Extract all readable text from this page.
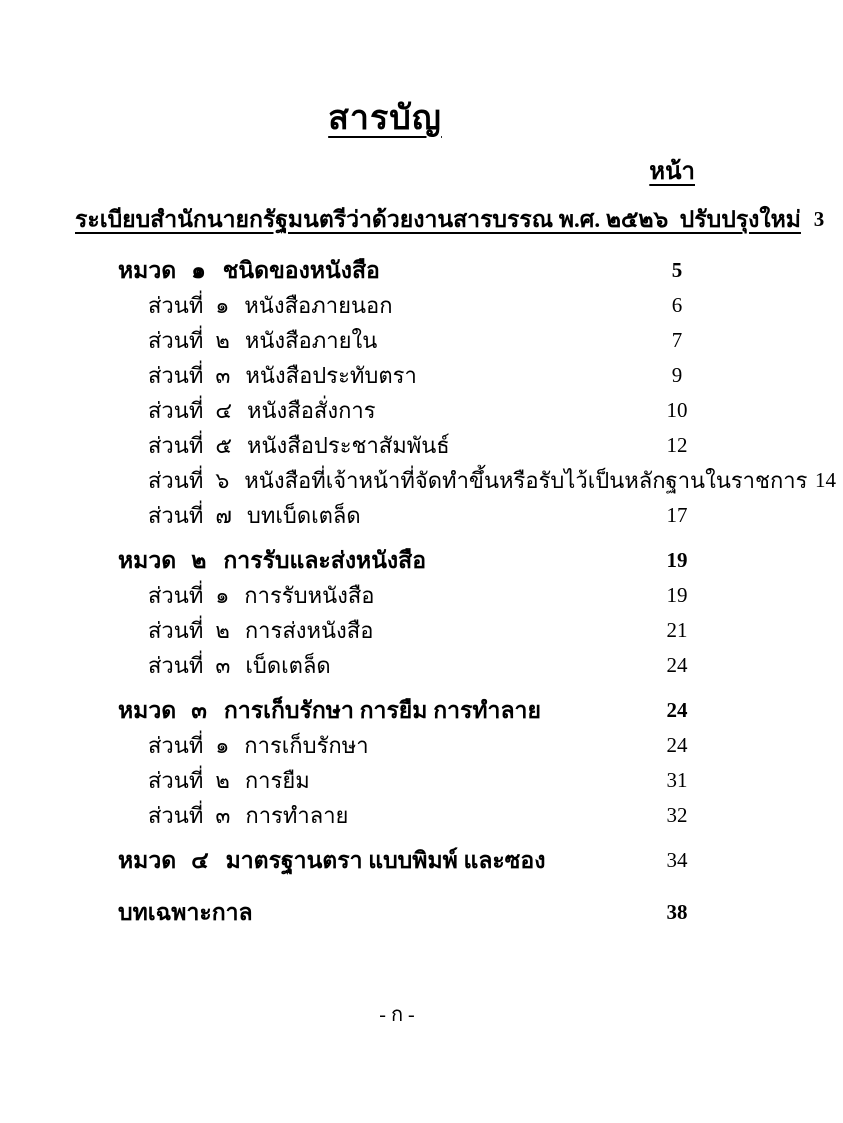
สารบัญ
หน้า
ระเบียบสำนักนายกรัฐมนตรีว่าด้วยงานสารบรรณ พ.ศ. ๒๕๒๖  ปรับปรุงใหม่ 3
หมวด ๑ ชนิดของหนังสือ	5
ส่วนที่ ๑ หนังสือภายนอก	6
ส่วนที่ ๒ หนังสือภายใน	7
ส่วนที่ ๓ หนังสือประทับตรา	9
ส่วนที่ ๔ หนังสือสั่งการ	10
ส่วนที่ ๕ หนังสือประชาสัมพันธ์	12
ส่วนที่ ๖ หนังสือที่เจ้าหน้าที่จัดทำขึ้นหรือรับไว้เป็นหลักฐานในราชการ 14
ส่วนที่ ๗ บทเบ็ดเตล็ด	17
หมวด ๒ การรับและส่งหนังสือ	19
ส่วนที่ ๑ การรับหนังสือ	19
ส่วนที่ ๒ การส่งหนังสือ	21
ส่วนที่ ๓ เบ็ดเตล็ด	24
หมวด ๓ การเก็บรักษา การยืม การทำลาย	24
ส่วนที่ ๑ การเก็บรักษา	24
ส่วนที่ ๒ การยืม	31
ส่วนที่ ๓ การทำลาย	32
หมวด ๔ มาตรฐานตรา แบบพิมพ์ และซอง	34
บทเฉพาะกาล	38
- ก -
